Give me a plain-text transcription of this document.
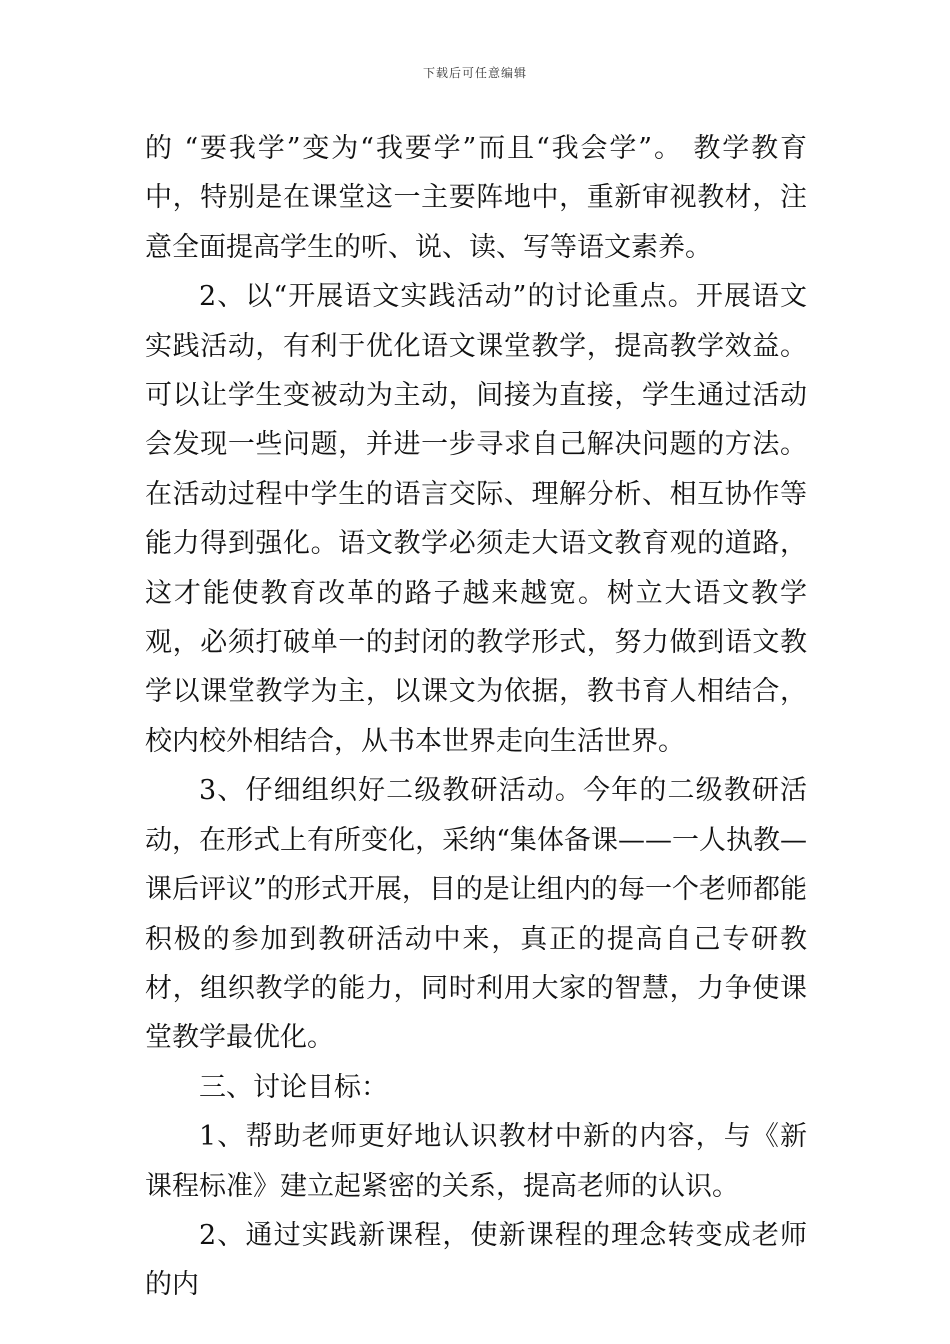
下载后可任意编辑

的 “要我学”变为“我要学”而且“我会学”。 教学教育中，特别是在课堂这一主要阵地中，重新审视教材，注意全面提高学生的听、说、读、写等语文素养。

2、以“开展语文实践活动”的讨论重点。开展语文实践活动，有利于优化语文课堂教学，提高教学效益。可以让学生变被动为主动，间接为直接，学生通过活动会发现一些问题，并进一步寻求自己解决问题的方法。在活动过程中学生的语言交际、理解分析、相互协作等能力得到强化。语文教学必须走大语文教育观的道路，这才能使教育改革的路子越来越宽。树立大语文教学观，必须打破单一的封闭的教学形式，努力做到语文教学以课堂教学为主，以课文为依据，教书育人相结合，校内校外相结合，从书本世界走向生活世界。

3、仔细组织好二级教研活动。今年的二级教研活动，在形式上有所变化，采纳“集体备课——一人执教—课后评议”的形式开展，目的是让组内的每一个老师都能积极的参加到教研活动中来，真正的提高自己专研教材，组织教学的能力，同时利用大家的智慧，力争使课堂教学最优化。

三、讨论目标：

1、帮助老师更好地认识教材中新的内容，与《新课程标准》建立起紧密的关系，提高老师的认识。

2、通过实践新课程，使新课程的理念转变成老师的内
